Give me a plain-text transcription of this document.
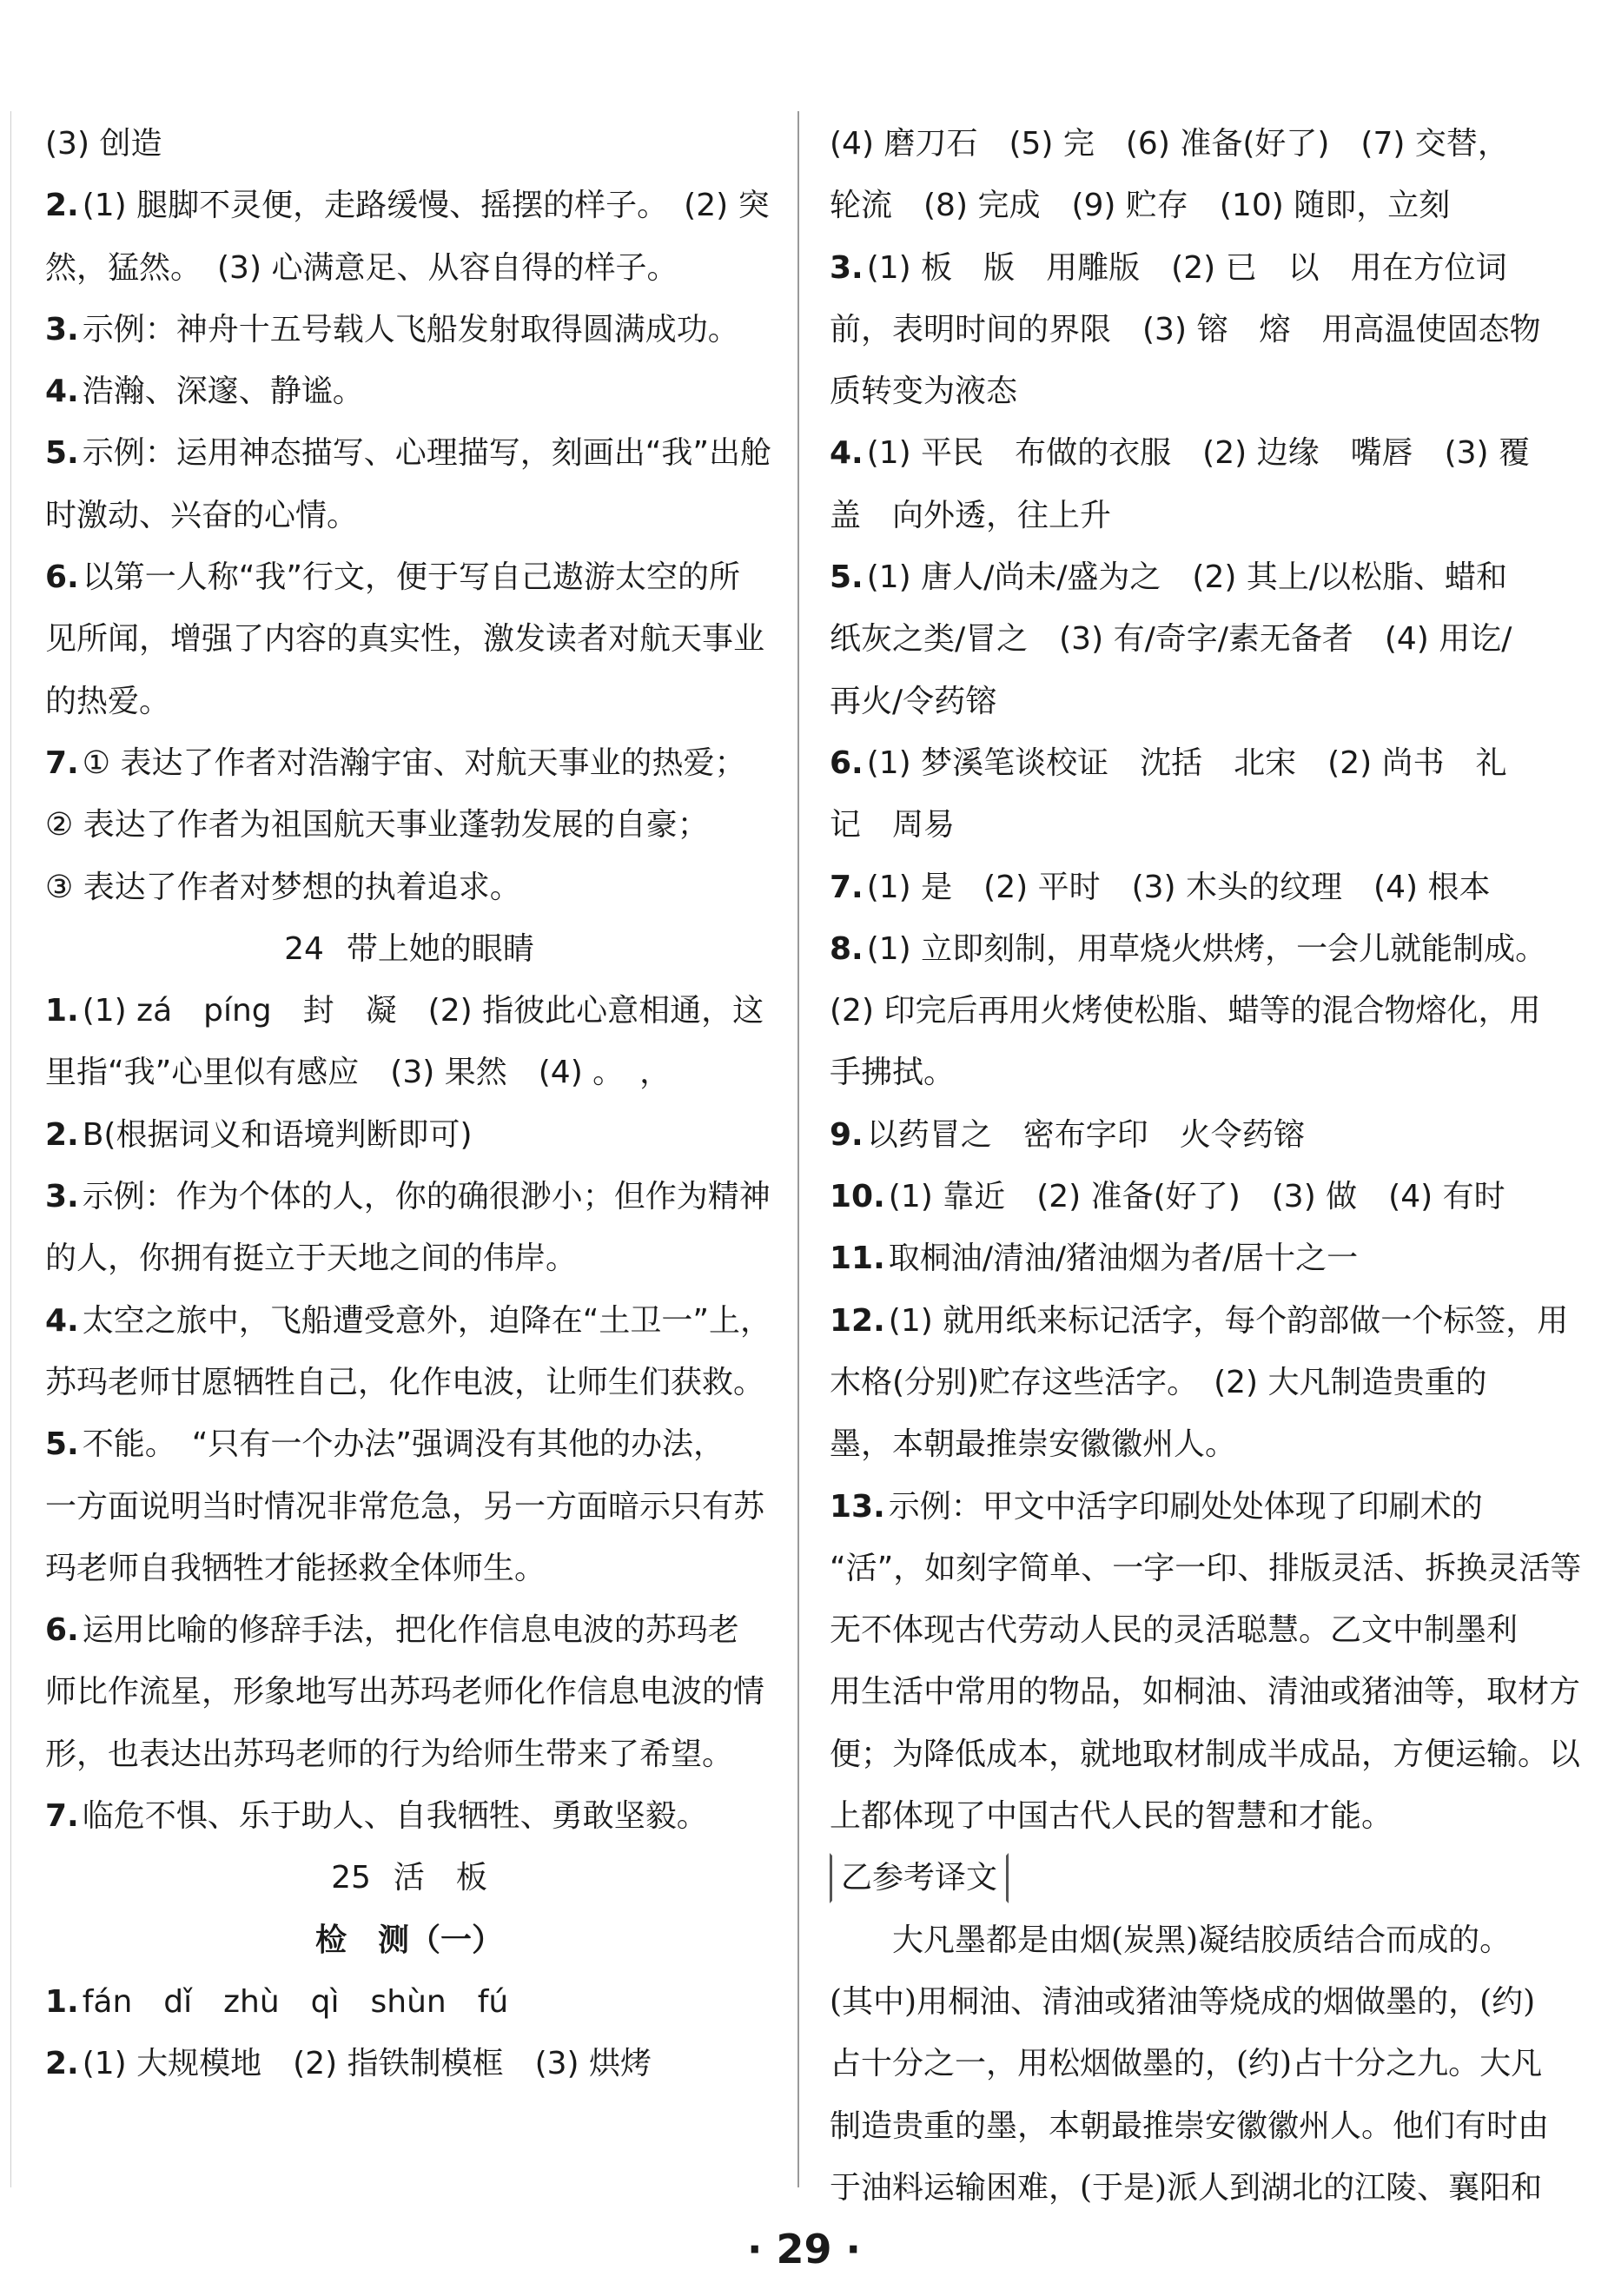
(3) 创造
2. (1) 腿脚不灵便，走路缓慢、摇摆的样子。　(2) 突
然，猛然。　(3) 心满意足、从容自得的样子。
3. 示例：神舟十五号载人飞船发射取得圆满成功。
4. 浩瀚、深邃、静谧。
5. 示例：运用神态描写、心理描写，刻画出“我”出舱
时激动、兴奋的心情。
6. 以第一人称“我”行文，便于写自己遨游太空的所
见所闻，增强了内容的真实性，激发读者对航天事业
的热爱。
7. ① 表达了作者对浩瀚宇宙、对航天事业的热爱；
② 表达了作者为祖国航天事业蓬勃发展的自豪；
③ 表达了作者对梦想的执着追求。
24 带上她的眼睛
1. (1) zá　píng　封　凝　(2) 指彼此心意相通，这
里指“我”心里似有感应　(3) 果然　(4) 。　，
2. B(根据词义和语境判断即可)
3. 示例：作为个体的人，你的确很渺小；但作为精神
的人，你拥有挺立于天地之间的伟岸。
4. 太空之旅中，飞船遭受意外，迫降在“土卫一”上，
苏玛老师甘愿牺牲自己，化作电波，让师生们获救。
5. 不能。　“只有一个办法”强调没有其他的办法，
一方面说明当时情况非常危急，另一方面暗示只有苏
玛老师自我牺牲才能拯救全体师生。
6. 运用比喻的修辞手法，把化作信息电波的苏玛老
师比作流星，形象地写出苏玛老师化作信息电波的情
形，也表达出苏玛老师的行为给师生带来了希望。
7. 临危不惧、乐于助人、自我牺牲、勇敢坚毅。
25 活　板
检　测（一）
1. fán　dǐ　zhù　qì　shùn　fú
2. (1) 大规模地　(2) 指铁制模框　(3) 烘烤
(4) 磨刀石　(5) 完　(6) 准备(好了)　(7) 交替，
轮流　(8) 完成　(9) 贮存　(10) 随即，立刻
3. (1) 板　版　用雕版　(2) 已　以　用在方位词
前，表明时间的界限　(3) 镕　熔　用高温使固态物
质转变为液态
4. (1) 平民　布做的衣服　(2) 边缘　嘴唇　(3) 覆
盖　向外透，往上升
5. (1) 唐人/尚未/盛为之　(2) 其上/以松脂、蜡和
纸灰之类/冒之　(3) 有/奇字/素无备者　(4) 用讫/
再火/令药镕
6. (1) 梦溪笔谈校证　沈括　北宋　(2) 尚书　礼
记　周易
7. (1) 是　(2) 平时　(3) 木头的纹理　(4) 根本
8. (1) 立即刻制，用草烧火烘烤，一会儿就能制成。
(2) 印完后再用火烤使松脂、蜡等的混合物熔化，用
手拂拭。
9. 以药冒之　密布字印　火令药镕
10. (1) 靠近　(2) 准备(好了)　(3) 做　(4) 有时
11. 取桐油/清油/猪油烟为者/居十之一
12. (1) 就用纸来标记活字，每个韵部做一个标签，用
木格(分别)贮存这些活字。　(2) 大凡制造贵重的
墨，本朝最推崇安徽徽州人。
13. 示例：甲文中活字印刷处处体现了印刷术的
“活”，如刻字简单、一字一印、排版灵活、拆换灵活等
无不体现古代劳动人民的灵活聪慧。乙文中制墨利
用生活中常用的物品，如桐油、清油或猪油等，取材方
便；为降低成本，就地取材制成半成品，方便运输。以
上都体现了中国古代人民的智慧和才能。
乙参考译文
大凡墨都是由烟(炭黑)凝结胶质结合而成的。
(其中)用桐油、清油或猪油等烧成的烟做墨的，(约)
占十分之一，用松烟做墨的，(约)占十分之九。大凡
制造贵重的墨，本朝最推崇安徽徽州人。他们有时由
于油料运输困难，(于是)派人到湖北的江陵、襄阳和
· 29 ·
